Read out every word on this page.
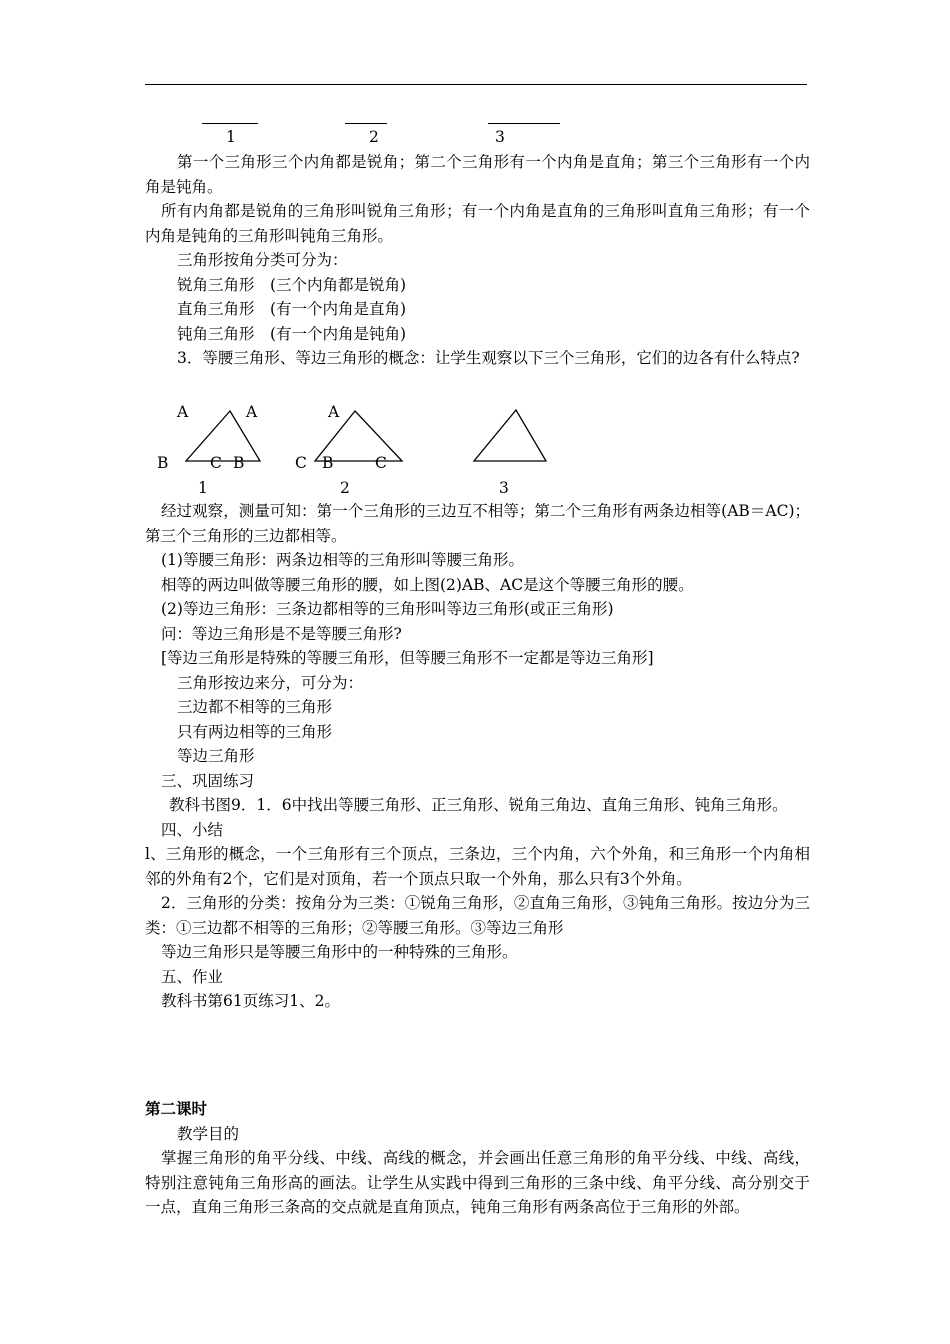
1	2	3
第一个三角形三个内角都是锐角；第二个三角形有一个内角是直角；第三个三角形有一个内角是钝角。
所有内角都是锐角的三角形叫锐角三角形；有一个内角是直角的三角形叫直角三角形；有一个内角是钝角的三角形叫钝角三角形。
三角形按角分类可分为：
锐角三角形　(三个内角都是锐角)
直角三角形　(有一个内角是直角)
钝角三角形　(有一个内角是钝角)
3．等腰三角形、等边三角形的概念：让学生观察以下三个三角形，它们的边各有什么特点?
A	A	A
B	C B	C B	C
1	2	3
经过观察，测量可知：第一个三角形的三边互不相等；第二个三角形有两条边相等(AB＝AC)；第三个三角形的三边都相等。
(1)等腰三角形：两条边相等的三角形叫等腰三角形。
相等的两边叫做等腰三角形的腰，如上图(2)AB、AC是这个等腰三角形的腰。
(2)等边三角形：三条边都相等的三角形叫等边三角形(或正三角形)
问：等边三角形是不是等腰三角形?
[等边三角形是特殊的等腰三角形，但等腰三角形不一定都是等边三角形]
三角形按边来分，可分为：
三边都不相等的三角形
只有两边相等的三角形
等边三角形
三、巩固练习
教科书图9．1．6中找出等腰三角形、正三角形、锐角三角边、直角三角形、钝角三角形。
四、小结
l、三角形的概念，一个三角形有三个顶点，三条边，三个内角，六个外角，和三角形一个内角相邻的外角有2个，它们是对顶角，若一个顶点只取一个外角，那么只有3个外角。
2．三角形的分类：按角分为三类：①锐角三角形，②直角三角形，③钝角三角形。按边分为三类：①三边都不相等的三角形；②等腰三角形。③等边三角形
等边三角形只是等腰三角形中的一种特殊的三角形。
五、作业
教科书第61页练习1、2。
第二课时
教学目的
掌握三角形的角平分线、中线、高线的概念，并会画出任意三角形的角平分线、中线、高线，特别注意钝角三角形高的画法。让学生从实践中得到三角形的三条中线、角平分线、高分别交于一点，直角三角形三条高的交点就是直角顶点，钝角三角形有两条高位于三角形的外部。
